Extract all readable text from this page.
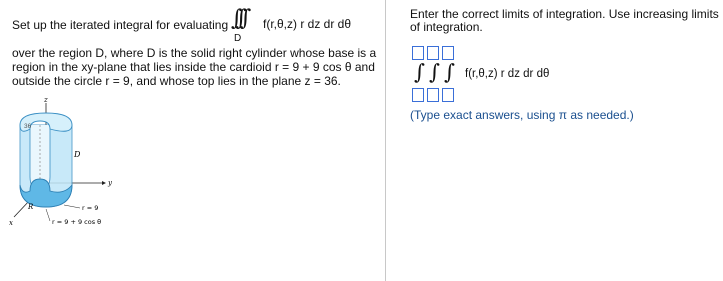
Set up the iterated integral for evaluating ∫∫∫ f(r,θ,z) r dz dr dθ
D
over the region D, where D is the solid right cylinder whose base is a region in the xy-plane that lies inside the cardioid r = 9 + 9 cos θ and outside the circle r = 9, and whose top lies in the plane z = 36.
z
y
x
36
D
R	r = 9
r = 9 + 9 cos θ
Enter the correct limits of integration. Use increasing limits of integration.
∫ ∫ ∫ f(r,θ,z) r dz dr dθ
(Type exact answers, using π as needed.)
